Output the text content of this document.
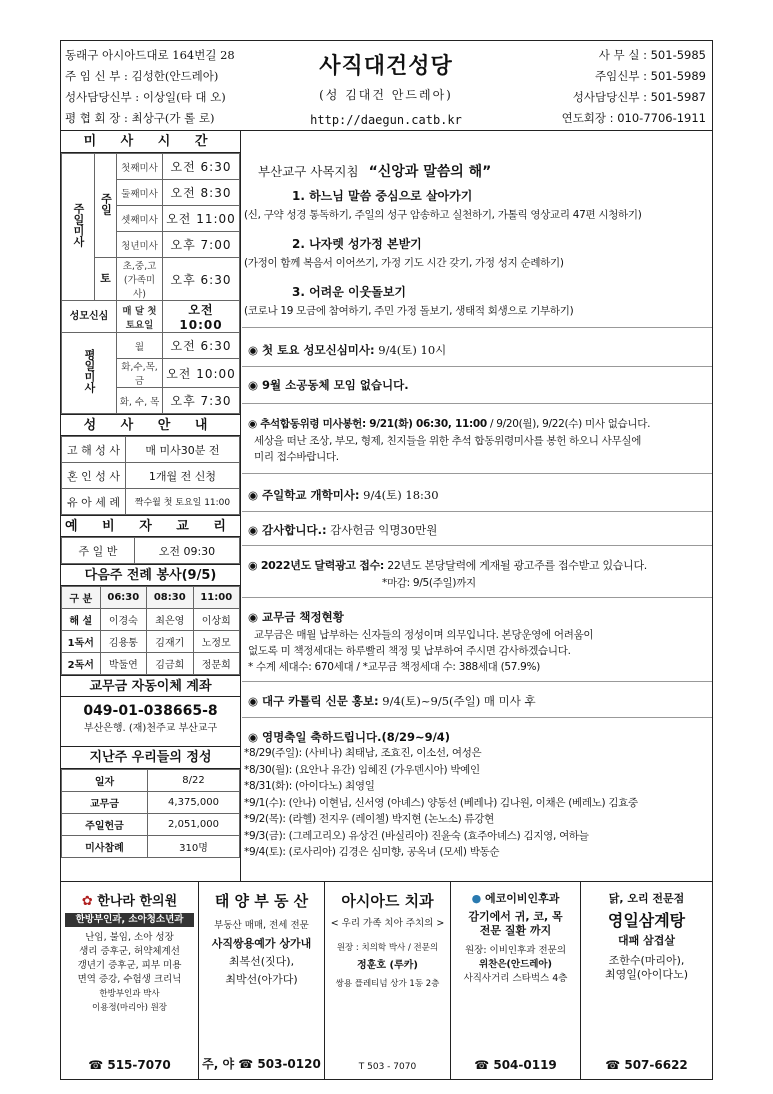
동래구 아시아드대로 164번길 28
주 임 신 부 : 김성한(안드레아)
성사담당신부 : 이상일(타 대 오)
평 협 회 장 : 최상구(가 롤 로)
사직대건성당
(성 김대건 안드레아)
http://daegun.catb.kr
사 무 실 : 501-5985
주임신부 : 501-5989
성사담당신부 : 501-5987
연도회장 : 010-7706-1911
미 사 시 간
주일미사	주일	첫째미사	오전 6:30
		둘째미사	오전 8:30
		셋째미사	오전 11:00
		청년미사	오후 7:00
	토	초,중,고(가족미사)	오후 6:30
성모신심		매 달 첫토요일	오전 10:00
평일미사		월	오전 6:30
		화,수,목,금	오전 10:00
		화, 수, 목	오후 7:30
성 사 안 내
고 해 성 사	매 미사30분 전
혼 인 성 사	1개월 전 신청
유 아 세 례	짝수월 첫 토요일 11:00
예 비 자 교 리
주 일 반	오전 09:30
다음주 전례 봉사(9/5)
구 분	06:30	08:30	11:00
해 설	이경숙	최은영	이상희
1독서	김용통	김재기	노정모
2독서	박둘연	김금희	정문희
교무금 자동이체 계좌
049-01-038665-8
부산은행. (재)천주교 부산교구
지난주 우리들의 정성
일자	8/22
교무금	4,375,000
주일헌금	2,051,000
미사참례	310명
부산교구 사목지침 “신앙과 말씀의 해”
1. 하느님 말씀 중심으로 살아가기
(신, 구약 성경 통독하기, 주일의 성구 암송하고 실천하기, 가톨릭 영상교리 47편 시청하기)
2. 나자렛 성가정 본받기
(가정이 함께 복음서 이어쓰기, 가정 기도 시간 갖기, 가정 성지 순례하기)
3. 어려운 이웃돌보기
(코로나 19 모금에 참여하기, 주민 가정 돌보기, 생태적 회생으로 기부하기)
◉ 첫 토요 성모신심미사: 9/4(토) 10시
◉ 9월 소공동체 모임 없습니다.
◉ 추석합동위령 미사봉헌: 9/21(화) 06:30, 11:00 / 9/20(월), 9/22(수) 미사 없습니다.
세상을 떠난 조상, 부모, 형제, 친지들을 위한 추석 합동위령미사를 봉헌 하오니 사무실에
미리 접수바랍니다.
◉ 주일학교 개학미사: 9/4(토) 18:30
◉ 감사합니다.: 감사헌금 익명30만원
◉ 2022년도 달력광고 접수: 22년도 본당달력에 게재될 광고주를 접수받고 있습니다.
*마감: 9/5(주일)까지
◉ 교무금 책정현황
교무금은 매월 납부하는 신자들의 정성이며 의무입니다. 본당운영에 어려움이
없도록 미 책정세대는 하루빨리 책정 및 납부하여 주시면 감사하겠습니다.
* 수계 세대수: 670세대 / *교무금 책정세대 수: 388세대 (57.9%)
◉ 대구 카톨릭 신문 홍보: 9/4(토)~9/5(주일) 매 미사 후
◉ 영명축일 축하드립니다.(8/29~9/4)
*8/29(주일): (사비나) 최태남, 조효진, 이소선, 여성은
*8/30(월): (요안나 유간) 임혜진 (가우덴시아) 박예인
*8/31(화): (아이다노) 최영일
*9/1(수): (안나) 이현님, 신서영 (아녜스) 양동선 (베레나) 김나원, 이채은 (베레노) 김효중
*9/2(목): (라헬) 전지우 (레이첼) 박지현 (논노소) 류강현
*9/3(금): (그레고리오) 유상건 (바실리아) 진윤숙 (효주아녜스) 김지영, 여하늘
*9/4(토): (로사리아) 김경은 심미향, 공옥녀 (모세) 박동순
✿ 한나라 한의원
한방부인과, 소아청소년과
난임, 불임, 소아 성장
생리 증후군, 허약체계선
갱년기 증후군, 피부 미용
면역 증강, 수험생 크리닉
한방부인과 박사
이용정(마리아) 원장
☎ 515-7070
태 양 부 동 산
부동산 매매, 전세 전문
사직쌍용예가 상가내
최복선(짓다),
최박선(아가다)
주, 야 ☎ 503-0120
아시아드 치과
< 우리 가족 치아 주치의 >
원장 : 치의학 박사 / 전문의
정훈호 (루카)
쌍용 플레티넘 상가 1동 2층
T 503 - 7070
● 에코이비인후과
감기에서 귀, 코, 목
전문 질환 까지
원장: 이비인후과 전문의
위찬은(안드레아)
사직사거리 스타벅스 4층
☎ 504-0119
닭, 오리 전문점
영일삼계탕
대패 삼겹살
조한수(마리아),
최영일(아이다노)
☎ 507-6622
